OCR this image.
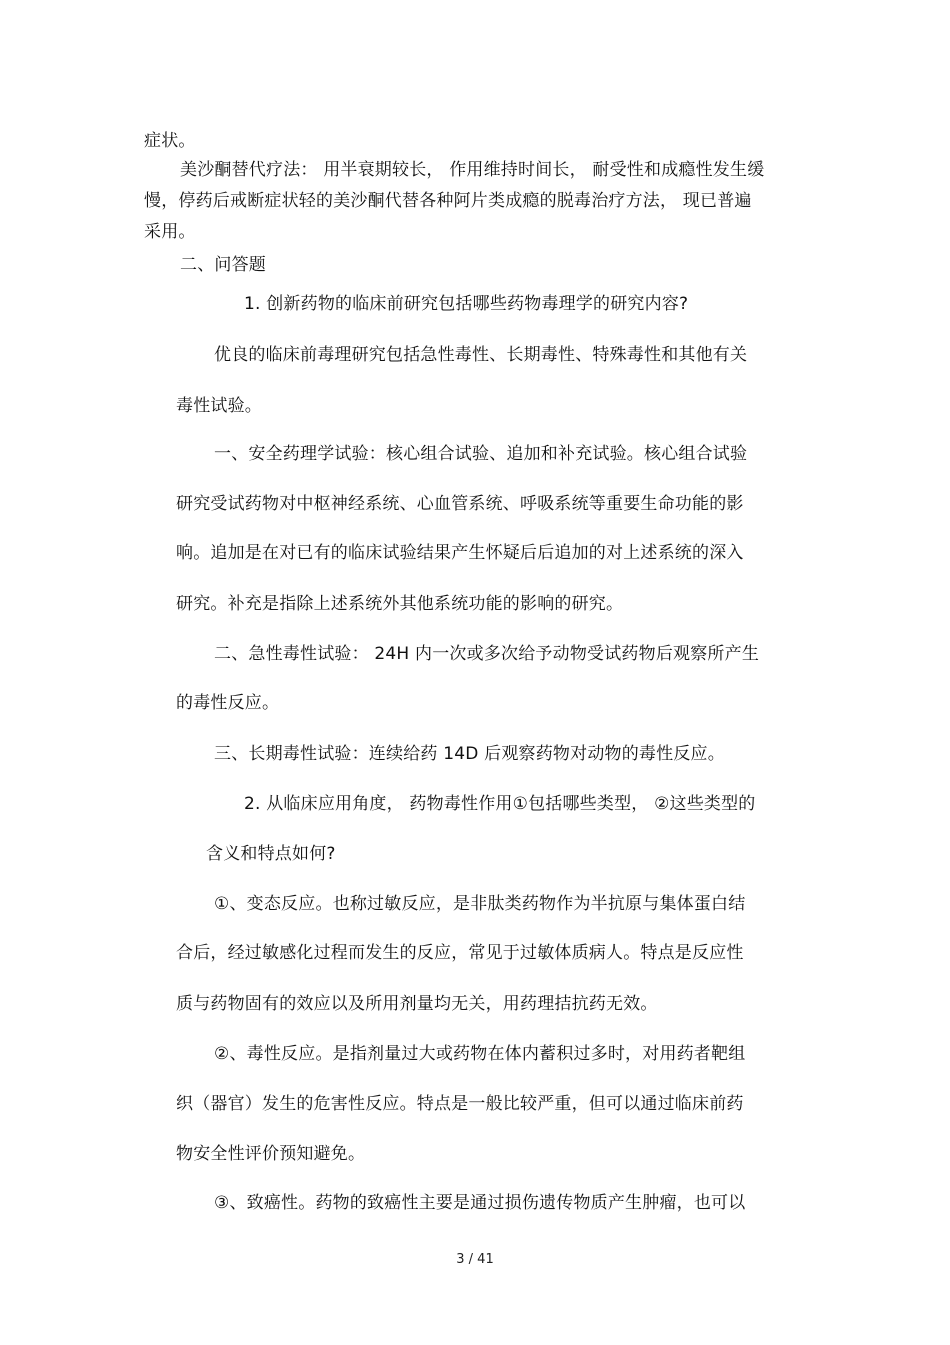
症状。
美沙酮替代疗法： 用半衰期较长， 作用维持时间长， 耐受性和成瘾性发生缓
慢，停药后戒断症状轻的美沙酮代替各种阿片类成瘾的脱毒治疗方法， 现已普遍
采用。
二、问答题
1. 创新药物的临床前研究包括哪些药物毒理学的研究内容?
优良的临床前毒理研究包括急性毒性、长期毒性、特殊毒性和其他有关
毒性试验。
一、安全药理学试验：核心组合试验、追加和补充试验。核心组合试验
研究受试药物对中枢神经系统、心血管系统、呼吸系统等重要生命功能的影
响。追加是在对已有的临床试验结果产生怀疑后后追加的对上述系统的深入
研究。补充是指除上述系统外其他系统功能的影响的研究。
二、急性毒性试验： 24H 内一次或多次给予动物受试药物后观察所产生
的毒性反应。
三、长期毒性试验：连续给药 14D 后观察药物对动物的毒性反应。
2. 从临床应用角度， 药物毒性作用①包括哪些类型， ②这些类型的
含义和特点如何?
①、变态反应。也称过敏反应，是非肽类药物作为半抗原与集体蛋白结
合后，经过敏感化过程而发生的反应，常见于过敏体质病人。特点是反应性
质与药物固有的效应以及所用剂量均无关，用药理拮抗药无效。
②、毒性反应。是指剂量过大或药物在体内蓄积过多时，对用药者靶组
织（器官）发生的危害性反应。特点是一般比较严重，但可以通过临床前药
物安全性评价预知避免。
③、致癌性。药物的致癌性主要是通过损伤遗传物质产生肿瘤，也可以
3 / 41
